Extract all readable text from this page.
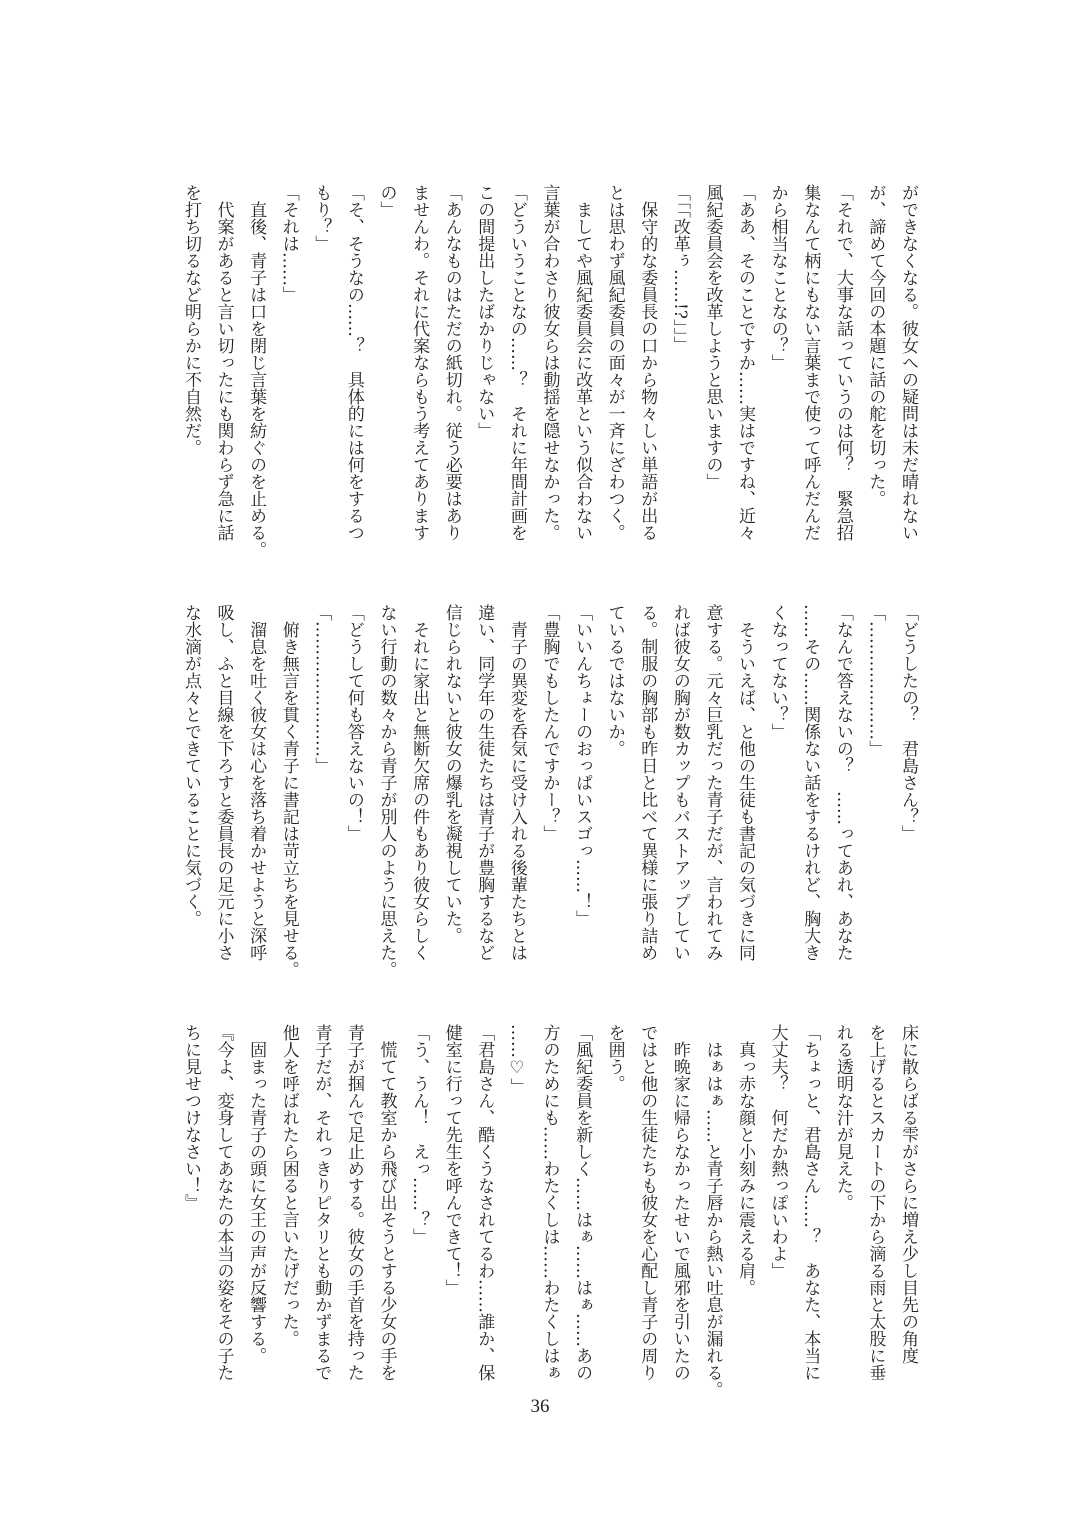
ができなくなる。彼女への疑問は未だ晴れない
が、諦めて今回の本題に話の舵を切った。
「それで、大事な話っていうのは何？　緊急招
集なんて柄にもない言葉まで使って呼んだんだ
から相当なことなの？」
「ああ、そのことですか……実はですね、近々
風紀委員会を改革しようと思いますの」
「「「改革ぅ……!?」」」
　保守的な委員長の口から物々しい単語が出る
とは思わず風紀委員の面々が一斉にざわつく。
　ましてや風紀委員会に改革という似合わない
言葉が合わさり彼女らは動揺を隠せなかった。
「どういうことなの……？　それに年間計画を
この間提出したばかりじゃない」
「あんなものはただの紙切れ。従う必要はあり
ませんわ。それに代案ならもう考えてあります
の」
「そ、そうなの……？　具体的には何をするつ
もり？」
「それは……」
　直後、青子は口を閉じ言葉を紡ぐのを止める。
　代案があると言い切ったにも関わらず急に話
を打ち切るなど明らかに不自然だ。
「どうしたの？　君島さん？」
「…………………」
「なんで答えないの？　……ってあれ、あなた
……その……関係ない話をするけれど、胸大き
くなってない？」
　そういえば、と他の生徒も書記の気づきに同
意する。元々巨乳だった青子だが、言われてみ
れば彼女の胸が数カップもバストアップしてい
る。制服の胸部も昨日と比べて異様に張り詰め
ているではないか。
「いいんちょーのおっぱいスゴっ……！」
「豊胸でもしたんですかー？」
　青子の異変を呑気に受け入れる後輩たちとは
違い、同学年の生徒たちは青子が豊胸するなど
信じられないと彼女の爆乳を凝視していた。
　それに家出と無断欠席の件もあり彼女らしく
ない行動の数々から青子が別人のように思えた。
「どうして何も答えないの！」
「……………………」
　俯き無言を貫く青子に書記は苛立ちを見せる。
　溜息を吐く彼女は心を落ち着かせようと深呼
吸し、ふと目線を下ろすと委員長の足元に小さ
な水滴が点々とできていることに気づく。
床に散らばる雫がさらに増え少し目先の角度
を上げるとスカートの下から滴る雨と太股に垂
れる透明な汁が見えた。
「ちょっと、君島さん……？　あなた、本当に
大丈夫？　何だか熱っぽいわよ」
　真っ赤な顔と小刻みに震える肩。
　はぁはぁ……と青子唇から熱い吐息が漏れる。
　昨晩家に帰らなかったせいで風邪を引いたの
ではと他の生徒たちも彼女を心配し青子の周り
を囲う。
「風紀委員を新しく……はぁ……はぁ……あの
方のためにも……わたくしは……わたくしはぁ
……♡」
「君島さん、酷くうなされてるわ……誰か、保
健室に行って先生を呼んできて！」
「う、うん！　えっ……？」
　慌てて教室から飛び出そうとする少女の手を
青子が掴んで足止めする。彼女の手首を持った
青子だが、それっきりピタリとも動かずまるで
他人を呼ばれたら困ると言いたげだった。
　固まった青子の頭に女王の声が反響する。
『今よ、変身してあなたの本当の姿をその子た
ちに見せつけなさい！』
36
